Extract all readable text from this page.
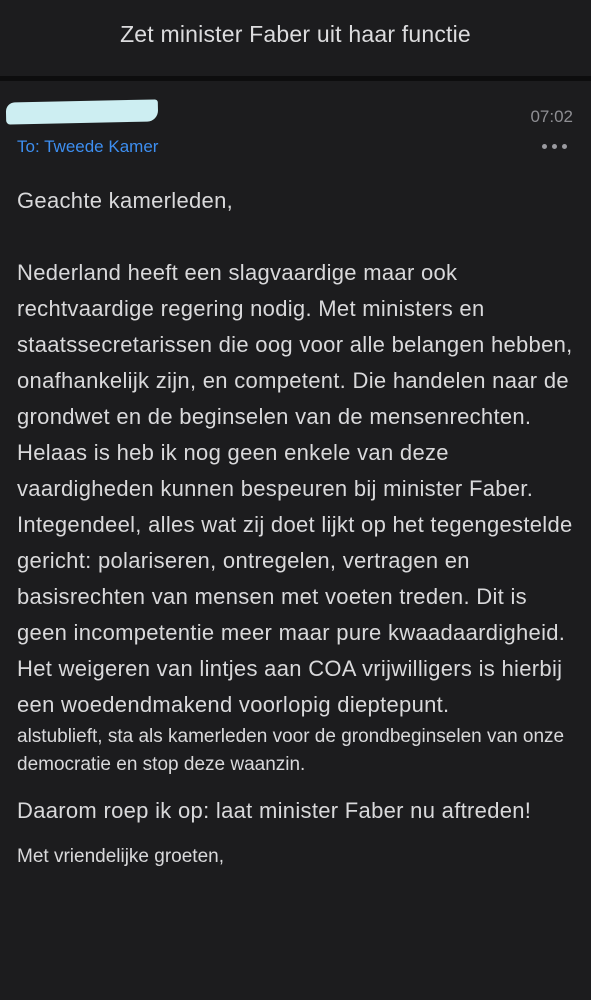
Zet minister Faber uit haar functie
07:02
To: Tweede Kamer

Geachte kamerleden,

Nederland heeft een slagvaardige maar ook rechtvaardige regering nodig. Met ministers en staatssecretarissen die oog voor alle belangen hebben, onafhankelijk zijn, en competent. Die handelen naar de grondwet en de beginselen van de mensenrechten.

Helaas is heb ik nog geen enkele van deze vaardigheden kunnen bespeuren bij minister Faber. Integendeel, alles wat zij doet lijkt op het tegengestelde gericht: polariseren, ontregelen, vertragen en basisrechten van mensen met voeten treden. Dit is geen incompetentie meer maar pure kwaadaardigheid. Het weigeren van lintjes aan COA vrijwilligers is hierbij een woedendmakend voorlopig dieptepunt.

alstublieft, sta als kamerleden voor de grondbeginselen van onze democratie en stop deze waanzin.

Daarom roep ik op: laat minister Faber nu aftreden!

Met vriendelijke groeten,
